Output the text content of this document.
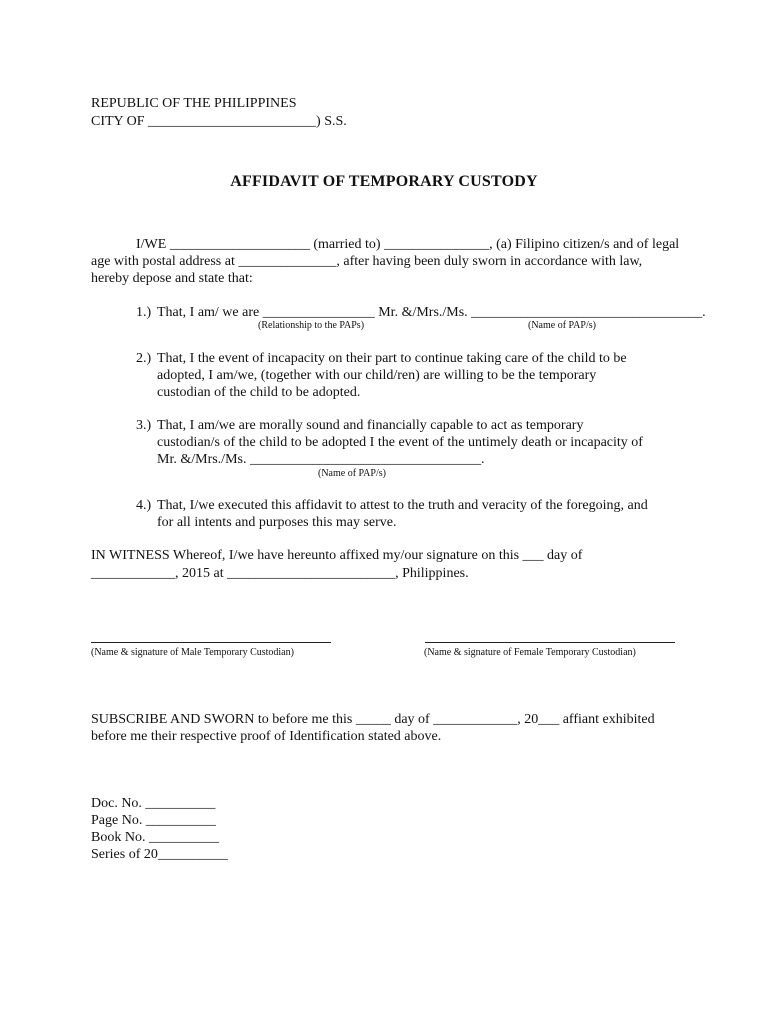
REPUBLIC OF THE PHILIPPINES
CITY OF ________________________) S.S.
AFFIDAVIT OF TEMPORARY CUSTODY
I/WE ____________________ (married to) _______________, (a) Filipino citizen/s and of legal
age with postal address at ______________, after having been duly sworn in accordance with law,
hereby depose and state that:
1.) That, I am/ we are ________________ Mr. &/Mrs./Ms. _________________________________.
(Relationship to the PAPs)	(Name of PAP/s)
2.) That, I the event of incapacity on their part to continue taking care of the child to be
adopted, I am/we, (together with our child/ren) are willing to be the temporary
custodian of the child to be adopted.
3.) That, I am/we are morally sound and financially capable to act as temporary
custodian/s of the child to be adopted I the event of the untimely death or incapacity of
Mr. &/Mrs./Ms. _________________________________.
(Name of PAP/s)
4.) That, I/we executed this affidavit to attest to the truth and veracity of the foregoing, and
for all intents and purposes this may serve.
IN WITNESS Whereof, I/we have hereunto affixed my/our signature on this ___ day of
____________, 2015 at ________________________, Philippines.
(Name & signature of Male Temporary Custodian)	(Name & signature of Female Temporary Custodian)
SUBSCRIBE AND SWORN to before me this _____ day of ____________, 20___ affiant exhibited
before me their respective proof of Identification stated above.
Doc. No. __________
Page No. __________
Book No. __________
Series of 20__________
